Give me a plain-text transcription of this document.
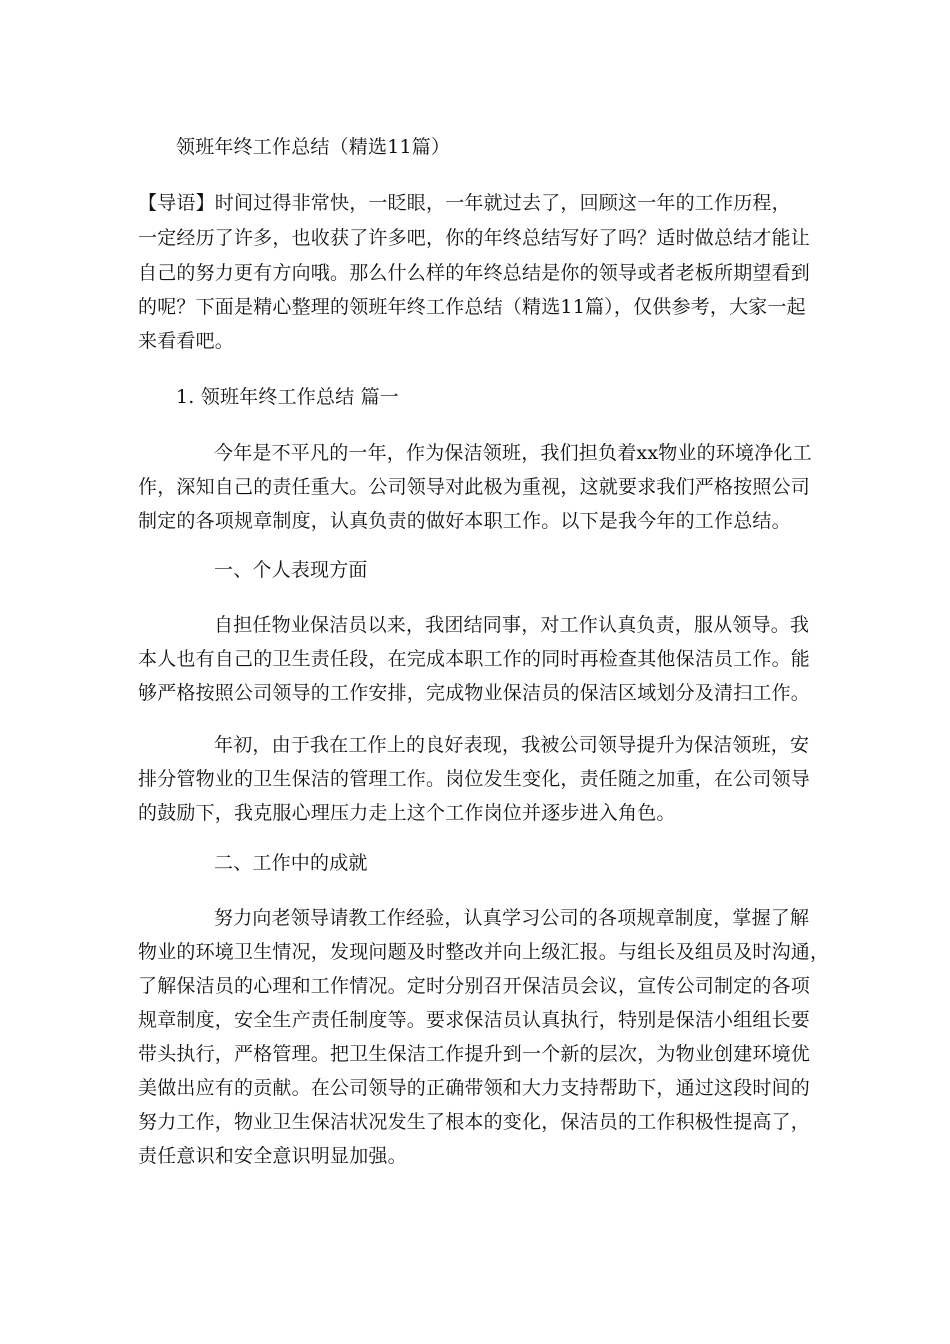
领班年终工作总结（精选11篇）
【导语】时间过得非常快，一眨眼，一年就过去了，回顾这一年的工作历程，
一定经历了许多，也收获了许多吧，你的年终总结写好了吗？适时做总结才能让
自己的努力更有方向哦。那么什么样的年终总结是你的领导或者老板所期望看到
的呢？下面是精心整理的领班年终工作总结（精选11篇），仅供参考，大家一起
来看看吧。
1. 领班年终工作总结 篇一
今年是不平凡的一年，作为保洁领班，我们担负着xx物业的环境净化工
作，深知自己的责任重大。公司领导对此极为重视，这就要求我们严格按照公司
制定的各项规章制度，认真负责的做好本职工作。以下是我今年的工作总结。
一、个人表现方面
自担任物业保洁员以来，我团结同事，对工作认真负责，服从领导。我
本人也有自己的卫生责任段，在完成本职工作的同时再检查其他保洁员工作。能
够严格按照公司领导的工作安排，完成物业保洁员的保洁区域划分及清扫工作。
年初，由于我在工作上的良好表现，我被公司领导提升为保洁领班，安
排分管物业的卫生保洁的管理工作。岗位发生变化，责任随之加重，在公司领导
的鼓励下，我克服心理压力走上这个工作岗位并逐步进入角色。
二、工作中的成就
努力向老领导请教工作经验，认真学习公司的各项规章制度，掌握了解
物业的环境卫生情况，发现问题及时整改并向上级汇报。与组长及组员及时沟通，
了解保洁员的心理和工作情况。定时分别召开保洁员会议，宣传公司制定的各项
规章制度，安全生产责任制度等。要求保洁员认真执行，特别是保洁小组组长要
带头执行，严格管理。把卫生保洁工作提升到一个新的层次，为物业创建环境优
美做出应有的贡献。在公司领导的正确带领和大力支持帮助下，通过这段时间的
努力工作，物业卫生保洁状况发生了根本的变化，保洁员的工作积极性提高了，
责任意识和安全意识明显加强。
